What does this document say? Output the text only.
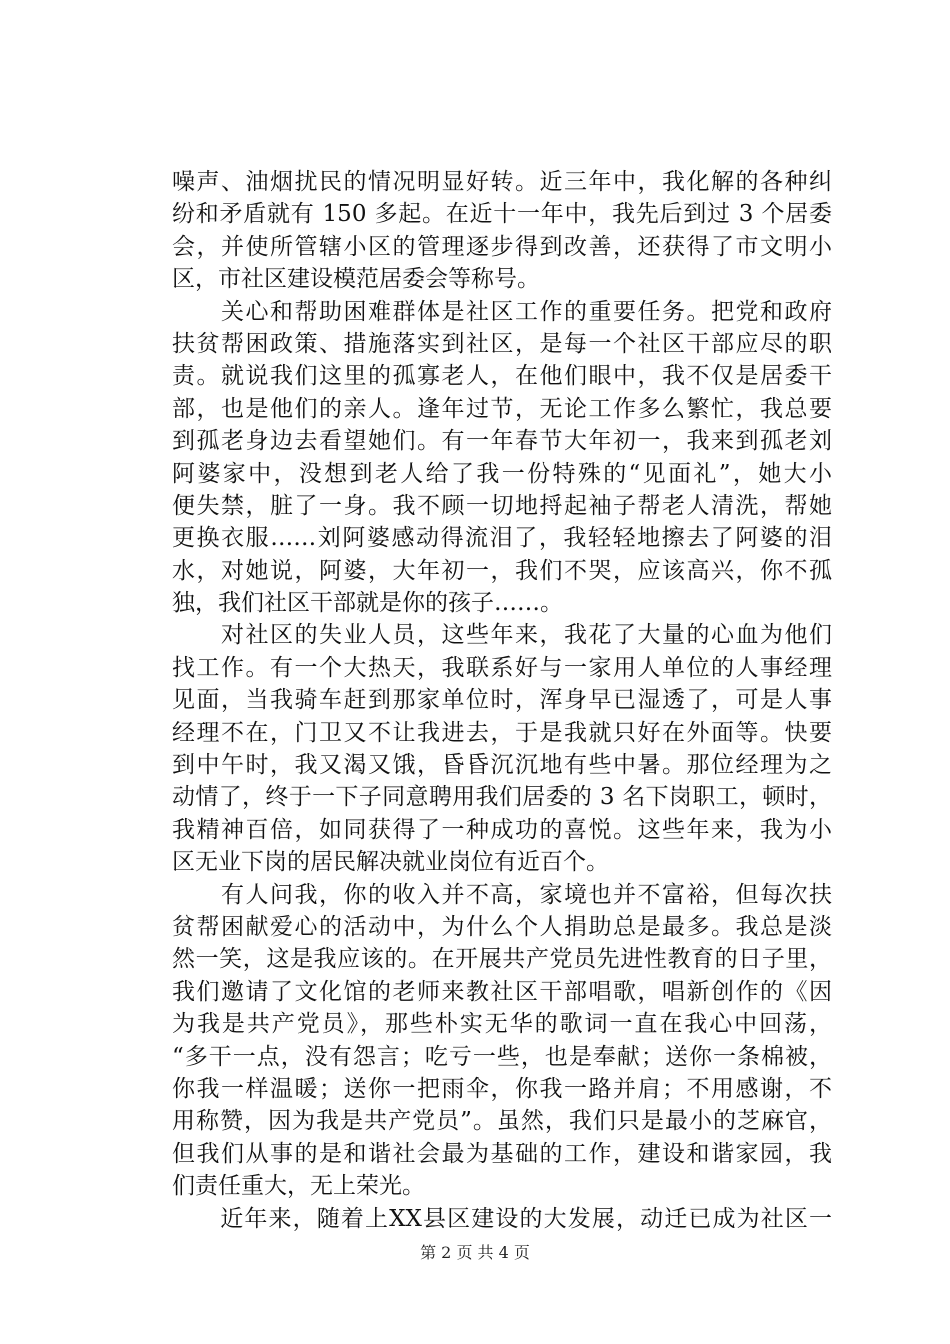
噪声、油烟扰民的情况明显好转。近三年中，我化解的各种纠
纷和矛盾就有 150 多起。在近十一年中，我先后到过 3 个居委
会，并使所管辖小区的管理逐步得到改善，还获得了市文明小
区，市社区建设模范居委会等称号。
　　关心和帮助困难群体是社区工作的重要任务。把党和政府
扶贫帮困政策、措施落实到社区，是每一个社区干部应尽的职
责。就说我们这里的孤寡老人，在他们眼中，我不仅是居委干
部，也是他们的亲人。逢年过节，无论工作多么繁忙，我总要
到孤老身边去看望她们。有一年春节大年初一，我来到孤老刘
阿婆家中，没想到老人给了我一份特殊的“见面礼”，她大小
便失禁，脏了一身。我不顾一切地捋起袖子帮老人清洗，帮她
更换衣服……刘阿婆感动得流泪了，我轻轻地擦去了阿婆的泪
水，对她说，阿婆，大年初一，我们不哭，应该高兴，你不孤
独，我们社区干部就是你的孩子……。
　　对社区的失业人员，这些年来，我花了大量的心血为他们
找工作。有一个大热天，我联系好与一家用人单位的人事经理
见面，当我骑车赶到那家单位时，浑身早已湿透了，可是人事
经理不在，门卫又不让我进去，于是我就只好在外面等。快要
到中午时，我又渴又饿，昏昏沉沉地有些中暑。那位经理为之
动情了，终于一下子同意聘用我们居委的 3 名下岗职工，顿时，
我精神百倍，如同获得了一种成功的喜悦。这些年来，我为小
区无业下岗的居民解决就业岗位有近百个。
　　有人问我，你的收入并不高，家境也并不富裕，但每次扶
贫帮困献爱心的活动中，为什么个人捐助总是最多。我总是淡
然一笑，这是我应该的。在开展共产党员先进性教育的日子里，
我们邀请了文化馆的老师来教社区干部唱歌，唱新创作的《因
为我是共产党员》，那些朴实无华的歌词一直在我心中回荡，
“多干一点，没有怨言；吃亏一些，也是奉献；送你一条棉被，
你我一样温暖；送你一把雨伞，你我一路并肩；不用感谢，不
用称赞，因为我是共产党员”。虽然，我们只是最小的芝麻官，
但我们从事的是和谐社会最为基础的工作，建设和谐家园，我
们责任重大，无上荣光。
　　近年来，随着上XX县区建设的大发展，动迁已成为社区一
第 2 页 共 4 页
